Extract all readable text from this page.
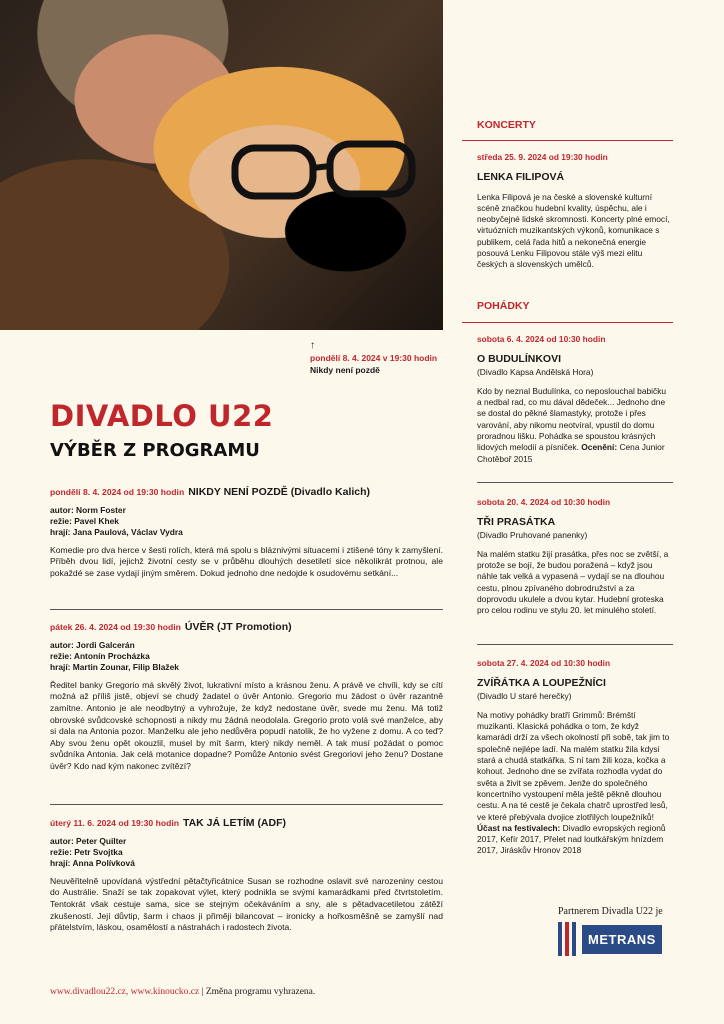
↑
pondělí 8. 4. 2024 v 19:30 hodin
Nikdy není pozdě
DIVADLO U22
VÝBĚR Z PROGRAMU
pondělí 8. 4. 2024 od 19:30 hodin NIKDY NENÍ POZDĚ (Divadlo Kalich)
autor: Norm Foster
režie: Pavel Khek
hrají: Jana Paulová, Václav Vydra
Komedie pro dva herce v šesti rolích, která má spolu s bláznivými situacemi i ztišené tóny k zamyšlení. Příběh dvou lidí, jejichž životní cesty se v průběhu dlouhých desetiletí sice několikrát protnou, ale pokaždé se zase vydají jiným směrem. Dokud jednoho dne nedojde k osudovému setkání...
pátek 26. 4. 2024 od 19:30 hodin ÚVĚR (JT Promotion)
autor: Jordi Galcerán
režie: Antonín Procházka
hrají: Martin Zounar, Filip Blažek
Ředitel banky Gregorio má skvělý život, lukrativní místo a krásnou ženu. A právě ve chvíli, kdy se cítí možná až příliš jistě, objeví se chudý žadatel o úvěr Antonio. Gregorio mu žádost o úvěr razantně zamítne. Antonio je ale neodbytný a vyhrožuje, že když nedostane úvěr, svede mu ženu. Má totiž obrovské svůdcovské schopnosti a nikdy mu žádná neodolala. Gregorio proto volá své manželce, aby si dala na Antonia pozor. Manželku ale jeho nedůvěra popudí natolik, že ho vyžene z domu. A co teď? Aby svou ženu opět okouzlil, musel by mít šarm, který nikdy neměl. A tak musí požádat o pomoc svůdníka Antonia. Jak celá motanice dopadne? Pomůže Antonio svést Gregoriovi jeho ženu? Dostane úvěr? Kdo nad kým nakonec zvítězí?
úterý 11. 6. 2024 od 19:30 hodin TAK JÁ LETÍM (ADF)
autor: Peter Quilter
režie: Petr Svojtka
hrají: Anna Polívková
Neuvěřitelně upovídaná výstřední pětačtyřicátnice Susan se rozhodne oslavit své narozeniny cestou do Austrálie. Snaží se tak zopakovat výlet, který podnikla se svými kamarádkami před čtvrtstoletím. Tentokrát však cestuje sama, sice se stejným očekáváním a sny, ale s pětadvacetiletou zátěží zkušeností. Její důvtip, šarm i chaos ji přiměji bilancovat – ironicky a hořkosměšně se zamyšlí nad přátelstvím, láskou, osamělostí a nástrahách i radostech života.
KONCERTY
středa 25. 9. 2024 od 19:30 hodin
LENKA FILIPOVÁ
Lenka Filipová je na české a slovenské kulturní scéně značkou hudební kvality, úspěchu, ale i neobyčejné lidské skromnosti. Koncerty plné emocí, virtuózních muzikantských výkonů, komunikace s publikem, celá řada hitů a nekonečná energie posouvá Lenku Filipovou stále výš mezi elitu českých a slovenských umělců.
POHÁDKY
sobota 6. 4. 2024 od 10:30 hodin
O BUDULÍNKOVI
(Divadlo Kapsa Andělská Hora)
Kdo by neznal Budulínka, co neposlouchal babičku a nedbal rad, co mu dával dědeček... Jednoho dne se dostal do pěkné šlamastyky, protože i přes varování, aby nikomu neotvíral, vpustil do domu proradnou lišku. Pohádka se spoustou krásných lidových melodií a písniček. Ocenění: Cena Junior Chotěboř 2015
sobota 20. 4. 2024 od 10:30 hodin
TŘI PRASÁTKA
(Divadlo Pruhované panenky)
Na malém statku žijí prasátka, přes noc se zvětší, a protože se bojí, že budou poražená – když jsou náhle tak velká a vypasená – vydají se na dlouhou cestu, plnou zpívaného dobrodružství a za doprovodu ukulele a dvou kytar. Hudební groteska pro celou rodinu ve stylu 20. let minulého století.
sobota 27. 4. 2024 od 10:30 hodin
ZVÍŘÁTKA A LOUPEŽNÍCI
(Divadlo U staré herečky)
Na motivy pohádky bratří Grimmů: Brémští muzikanti. Klasická pohádka o tom, že když kamarádi drží za všech okolností při sobě, tak jim to společně nejlépe ladí. Na malém statku žila kdysi stará a chudá statkářka. S ní tam žili koza, kočka a kohout. Jednoho dne se zvířata rozhodla vydat do světa a živit se zpěvem. Jenže do společného koncertního vystoupení měla ještě pěkně dlouhou cestu. A na té cestě je čekala chatrč uprostřed lesů, ve které přebývala dvojice zlotřilých loupežníků! Účast na festivalech: Divadlo evropských regionů 2017, Kefír 2017, Přelet nad loutkářským hnízdem 2017, Jiráskův Hronov 2018
Partnerem Divadla U22 je
METRANS
www.divadlou22.cz, www.kinoucko.cz | Změna programu vyhrazena.
